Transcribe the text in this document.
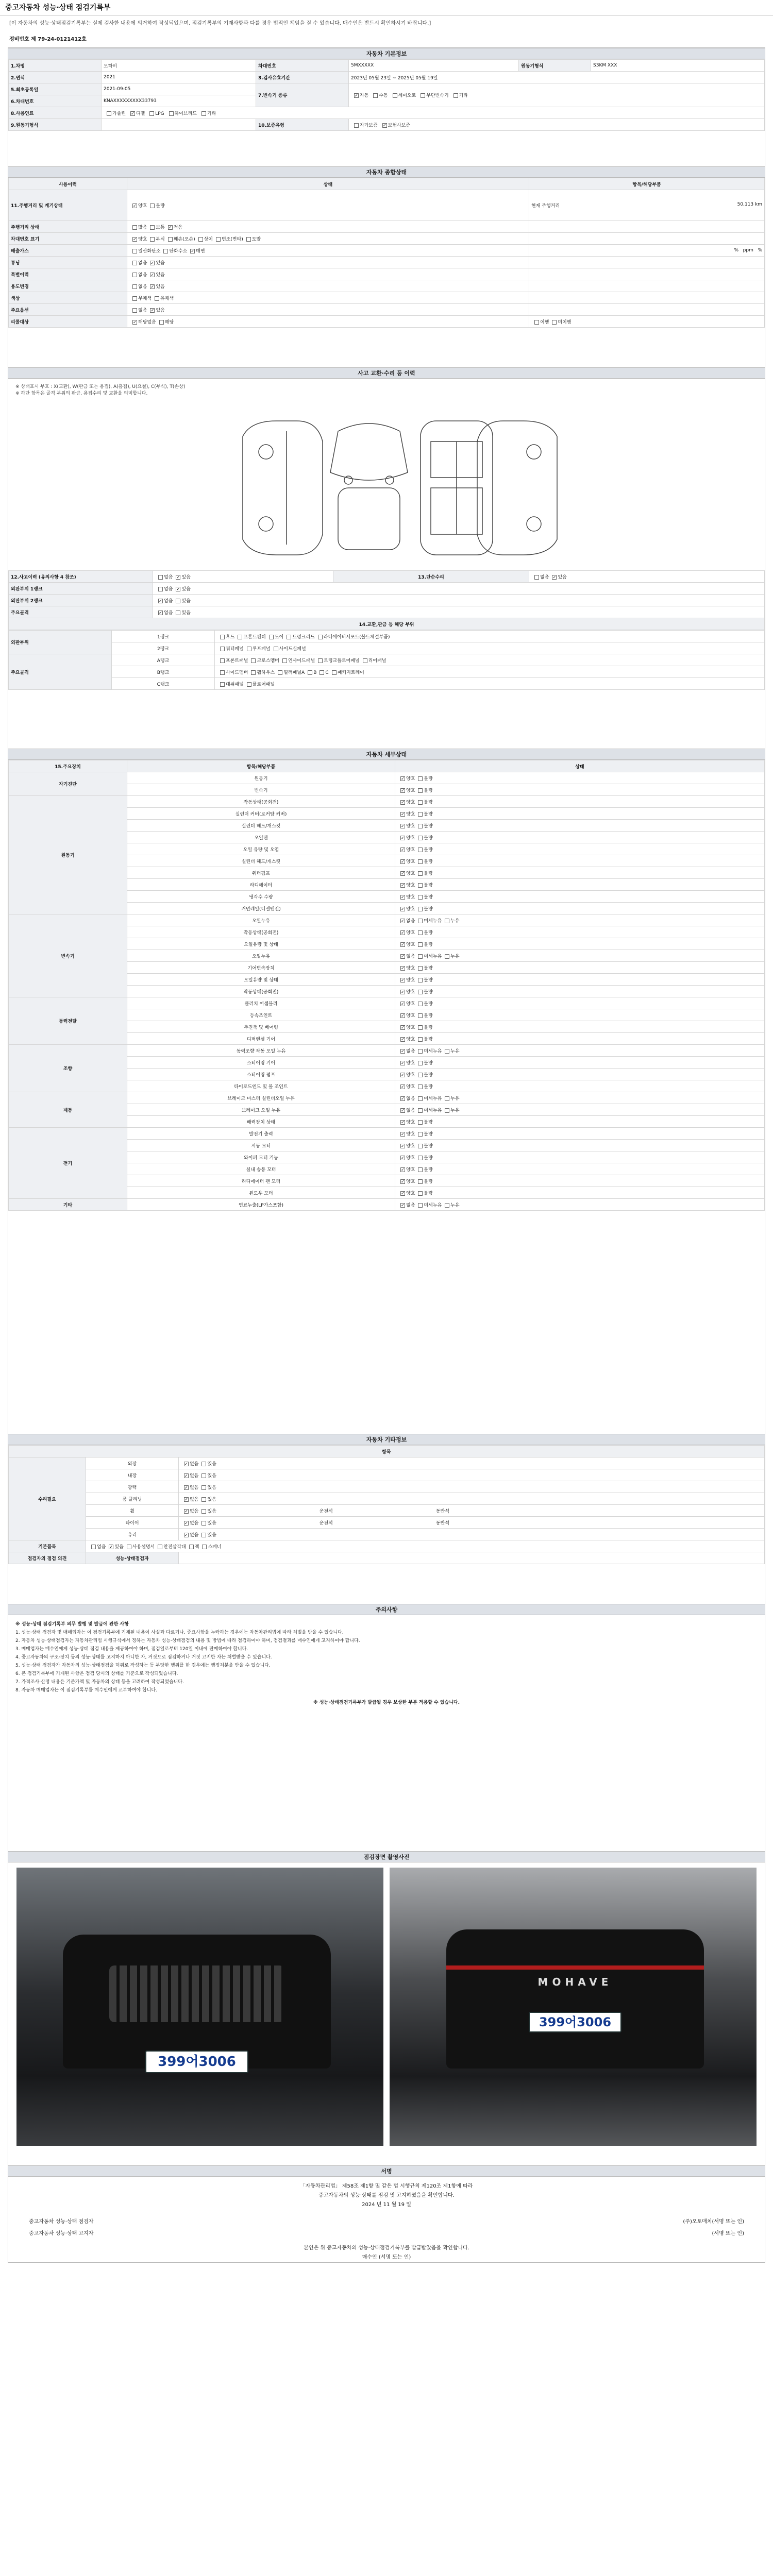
중고자동차 성능·상태 점검기록부
[이 자동차의 성능·상태점검기록부는 실제 검사한 내용에 의거하여 작성되었으며, 점검기록부의 기재사항과 다를 경우 법적인 책임을 질 수 있습니다. 매수인은 반드시 확인하시기 바랍니다.]
정비번호 제 79-24-0121412호
자동차 기본정보
1.차명	모하비	차대번호	5MXXXXX	원동기형식	S3KM XXX
2.연식	2021	3.검사유효기간	2023년 05월 23일 ~ 2025년 05월 19일		
5.최초등록일	2021-09-05	7.변속기 종류	✓자동 수동 세미오토 무단변속기 기타
6.차대번호	KNAXXXXXXXXX33793				
8.사용연료	가솔린 ✓ 디젤 LPG 하이브리드 기타
9.원동기형식		10.보증유형	자가보증 ✓ 보험사보증
자동차 종합상태
사용이력	상태	항목/해당부품
11.주행거리 및 계기상태	✓양호 불량	현재 주행거리 50,113 km

주행거리 상태	많음 보통 ✓ 적음	
차대번호 표기	✓양호 부식 훼손(오손) 상이 변조(변타) 도말	
배출가스	일산화탄소 탄화수소 ✓ 매연	% ppm %
튜닝	없음 ✓ 있음	
특별이력	없음 ✓ 있음	
용도변경	없음 ✓ 있음	
색상	무채색 유채색	
주요옵션	없음 ✓ 있음	
리콜대상	✓해당없음 해당	이행 미이행
사고 교환·수리 등 이력
※ 상태표시 부호 : X(교환), W(판금 또는 용접), A(흠집), U(요철), C(부식), T(손상)
※ 하단 항목은 골격 부위의 판금, 용접수리 및 교환을 의미합니다.
12.사고이력 (유의사항 4 참조)	없음 ✓ 있음	13.단순수리	없음 ✓ 있음
외판부위 1랭크	없음 ✓ 있음
외판부위 2랭크	✓없음 있음
주요골격	✓없음 있음
14.교환,판금 등 해당 부위			
외판부위	1랭크	후드 프론트펜더 도어 트렁크리드 라디에이터서포트(볼트체결부품)
	2랭크	쿼터패널 루프패널 사이드실패널
주요골격	A랭크	프론트패널 크로스멤버 인사이드패널 트렁크플로어패널 리어패널
	B랭크	사이드멤버 휠하우스 필러패널A B C 패키지트레이
	C랭크	대쉬패널 플로어패널
자동차 세부상태
15.주요장치	항목/해당부품	상태
자기진단	원동기	✓양호 불량
	변속기	✓양호 불량
원동기	작동상태(공회전)	✓양호 불량
	실린더 커버(로커암 커버)	✓양호 불량
	실린더 헤드/개스킷	✓양호 불량
	오일팬	✓양호 불량
	오일 유량 및 오염	✓양호 불량
	실린더 헤드/개스킷	✓양호 불량
	워터펌프	✓양호 불량
	라디에이터	✓양호 불량
	냉각수 수량	✓양호 불량
	커먼레일(디젤엔진)	✓양호 불량
변속기	오일누유	✓없음 미세누유 누유
	작동상태(공회전)	✓양호 불량
	오일유량 및 상태	✓양호 불량
	오일누유	✓없음 미세누유 누유
	기어변속장치	✓양호 불량
	오일유량 및 상태	✓양호 불량
	작동상태(공회전)	✓양호 불량
동력전달	클러치 어셈블리	✓양호 불량
	등속조인트	✓양호 불량
	추진축 및 베어링	✓양호 불량
	디퍼렌셜 기어	✓양호 불량
조향	동력조향 작동 오일 누유	✓없음 미세누유 누유
	스티어링 기어	✓양호 불량
	스티어링 펌프	✓양호 불량
	타이로드엔드 및 볼 조인트	✓양호 불량
제동	브레이크 마스터 실린더오일 누유	✓없음 미세누유 누유
	브레이크 오일 누유	✓없음 미세누유 누유
	배력장치 상태	✓양호 불량
전기	발전기 출력	✓양호 불량
	시동 모터	✓양호 불량
	와이퍼 모터 기능	✓양호 불량
	실내 송풍 모터	✓양호 불량
	라디에이터 팬 모터	✓양호 불량
	윈도우 모터	✓양호 불량
기타	연료누출(LP가스포함)	✓없음 미세누유 누유
자동차 기타정보
항목		
수리필요	외장	✓없음 있음
	내장	✓없음 있음
	광택	✓없음 있음
	룸 클리닝	✓없음 있음
	휠	✓없음 있음 운전석 동반석
	타이어	✓없음 있음 운전석 동반석
	유리	✓없음 있음
기본품목	없음 ✓ 있음 사용설명서 안전삼각대 잭 스패너
점검자의 점검 의견	성능·상태점검자	
주의사항
※ 성능·상태 점검기록부 의무 발행 및 발급에 관한 사항
1. 성능·상태 점검자 및 매매업자는 이 점검기록부에 기재된 내용이 사실과 다르거나, 중요사항을 누락하는 경우에는 자동차관리법에 따라 처벌을 받을 수 있습니다.
2. 자동차 성능·상태점검자는 자동차관리법 시행규칙에서 정하는 자동차 성능·상태점검의 내용 및 방법에 따라 점검하여야 하며, 점검결과를 매수인에게 고지하여야 합니다.
3. 매매업자는 매수인에게 성능·상태 점검 내용을 제공하여야 하며, 점검일로부터 120일 이내에 판매하여야 합니다.
4. 중고자동차의 구조·장치 등의 성능·상태를 고지하지 아니한 자, 거짓으로 점검하거나 거짓 고지한 자는 처벌받을 수 있습니다.
5. 성능·상태 점검자가 자동차의 성능·상태점검을 허위로 작성하는 등 부당한 행위를 한 경우에는 행정처분을 받을 수 있습니다.
6. 본 점검기록부에 기재된 사항은 점검 당시의 상태를 기준으로 작성되었습니다.
7. 가격조사·산정 내용은 기준가액 및 자동차의 상태 등을 고려하여 작성되었습니다.
8. 자동차 매매업자는 이 점검기록부를 매수인에게 교부하여야 합니다.
※ 성능·상태점검기록부가 발급될 경우 보상한 부분 적용할 수 있습니다.
점검장면 촬영사진
399어3006
MOHAVE
399어3006
서명
「자동차관리법」 제58조 제1항 및 같은 법 시행규칙 제120조 제1항에 따라
중고자동차의 성능·상태를 점검 및 고지하였음을 확인합니다.
2024 년 11 월 19 일
중고자동차 성능·상태 점검자	(주)오토매치(서명 또는 인)
중고자동차 성능·상태 고지자	(서명 또는 인)
본인은 위 중고자동차의 성능·상태점검기록부를 발급받았음을 확인합니다.
매수인 (서명 또는 인)
